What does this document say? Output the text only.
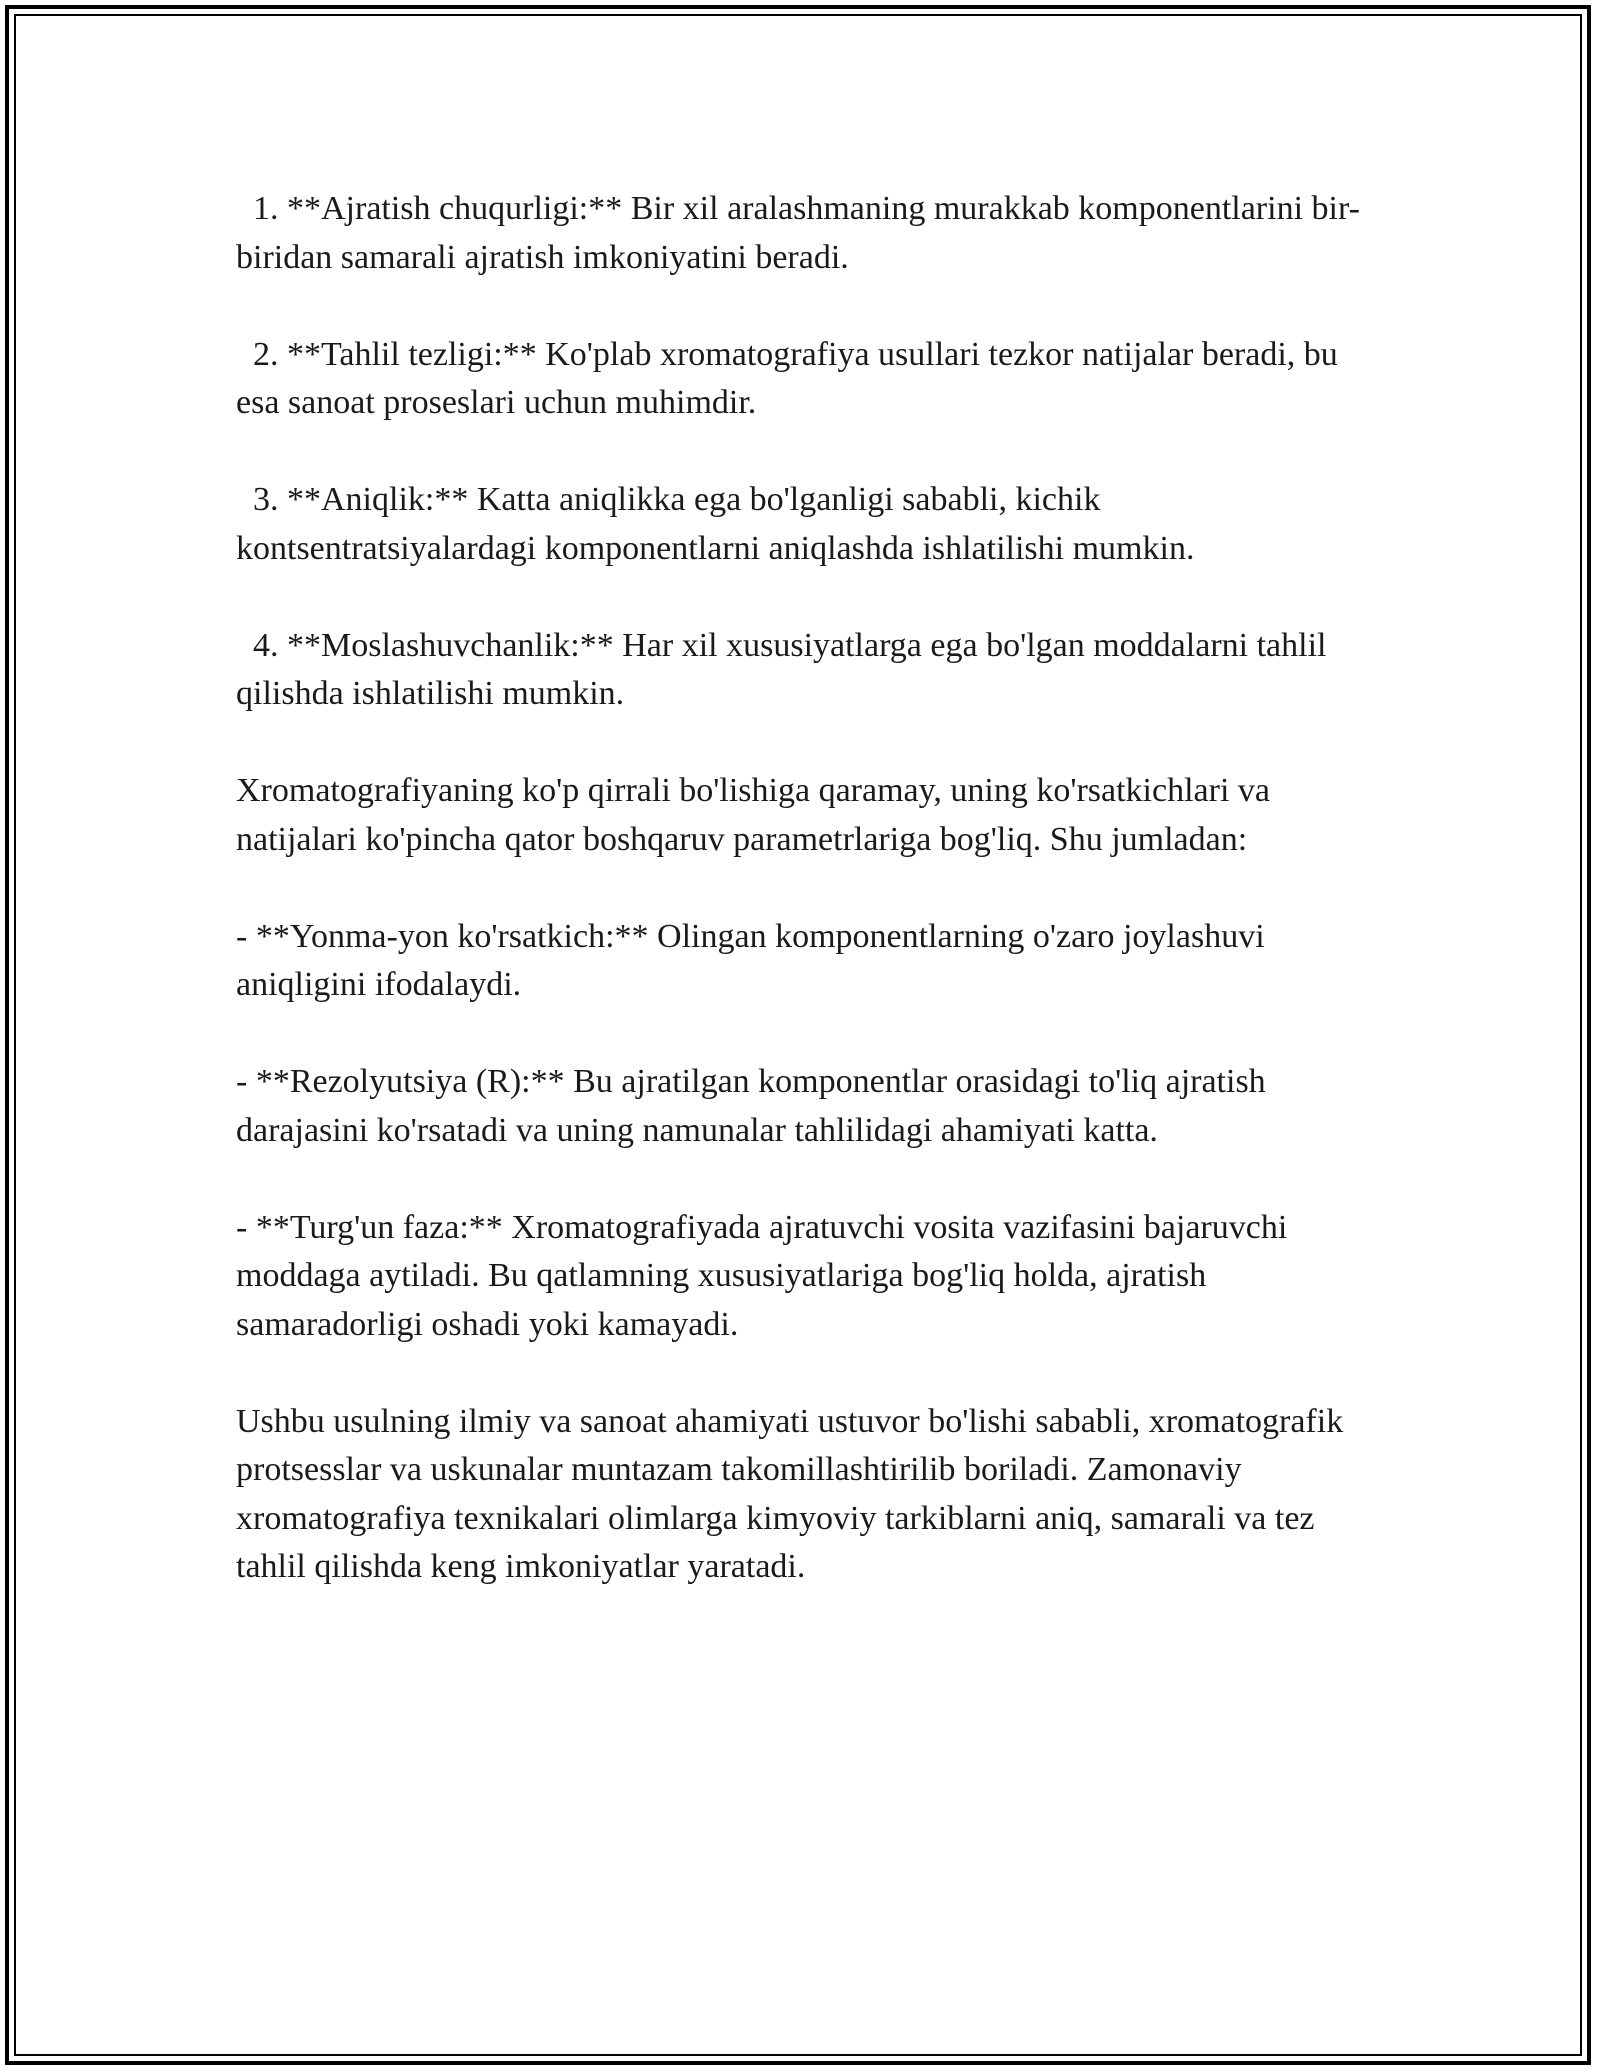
1. **Ajratish chuqurligi:** Bir xil aralashmaning murakkab komponentlarini bir-biridan samarali ajratish imkoniyatini beradi.

2. **Tahlil tezligi:** Ko'plab xromatografiya usullari tezkor natijalar beradi, bu esa sanoat proseslari uchun muhimdir.

3. **Aniqlik:** Katta aniqlikka ega bo'lganligi sababli, kichik kontsentratsiyalardagi komponentlarni aniqlashda ishlatilishi mumkin.

4. **Moslashuvchanlik:** Har xil xususiyatlarga ega bo'lgan moddalarni tahlil qilishda ishlatilishi mumkin.

Xromatografiyaning ko'p qirrali bo'lishiga qaramay, uning ko'rsatkichlari va natijalari ko'pincha qator boshqaruv parametrlariga bog'liq. Shu jumladan:

- **Yonma-yon ko'rsatkich:** Olingan komponentlarning o'zaro joylashuvi aniqligini ifodalaydi.

- **Rezolyutsiya (R):** Bu ajratilgan komponentlar orasidagi to'liq ajratish darajasini ko'rsatadi va uning namunalar tahlilidagi ahamiyati katta.

- **Turg'un faza:** Xromatografiyada ajratuvchi vosita vazifasini bajaruvchi moddaga aytiladi. Bu qatlamning xususiyatlariga bog'liq holda, ajratish samaradorligi oshadi yoki kamayadi.

Ushbu usulning ilmiy va sanoat ahamiyati ustuvor bo'lishi sababli, xromatografik protsesslar va uskunalar muntazam takomillashtirilib boriladi. Zamonaviy xromatografiya texnikalari olimlarga kimyoviy tarkiblarni aniq, samarali va tez tahlil qilishda keng imkoniyatlar yaratadi.
